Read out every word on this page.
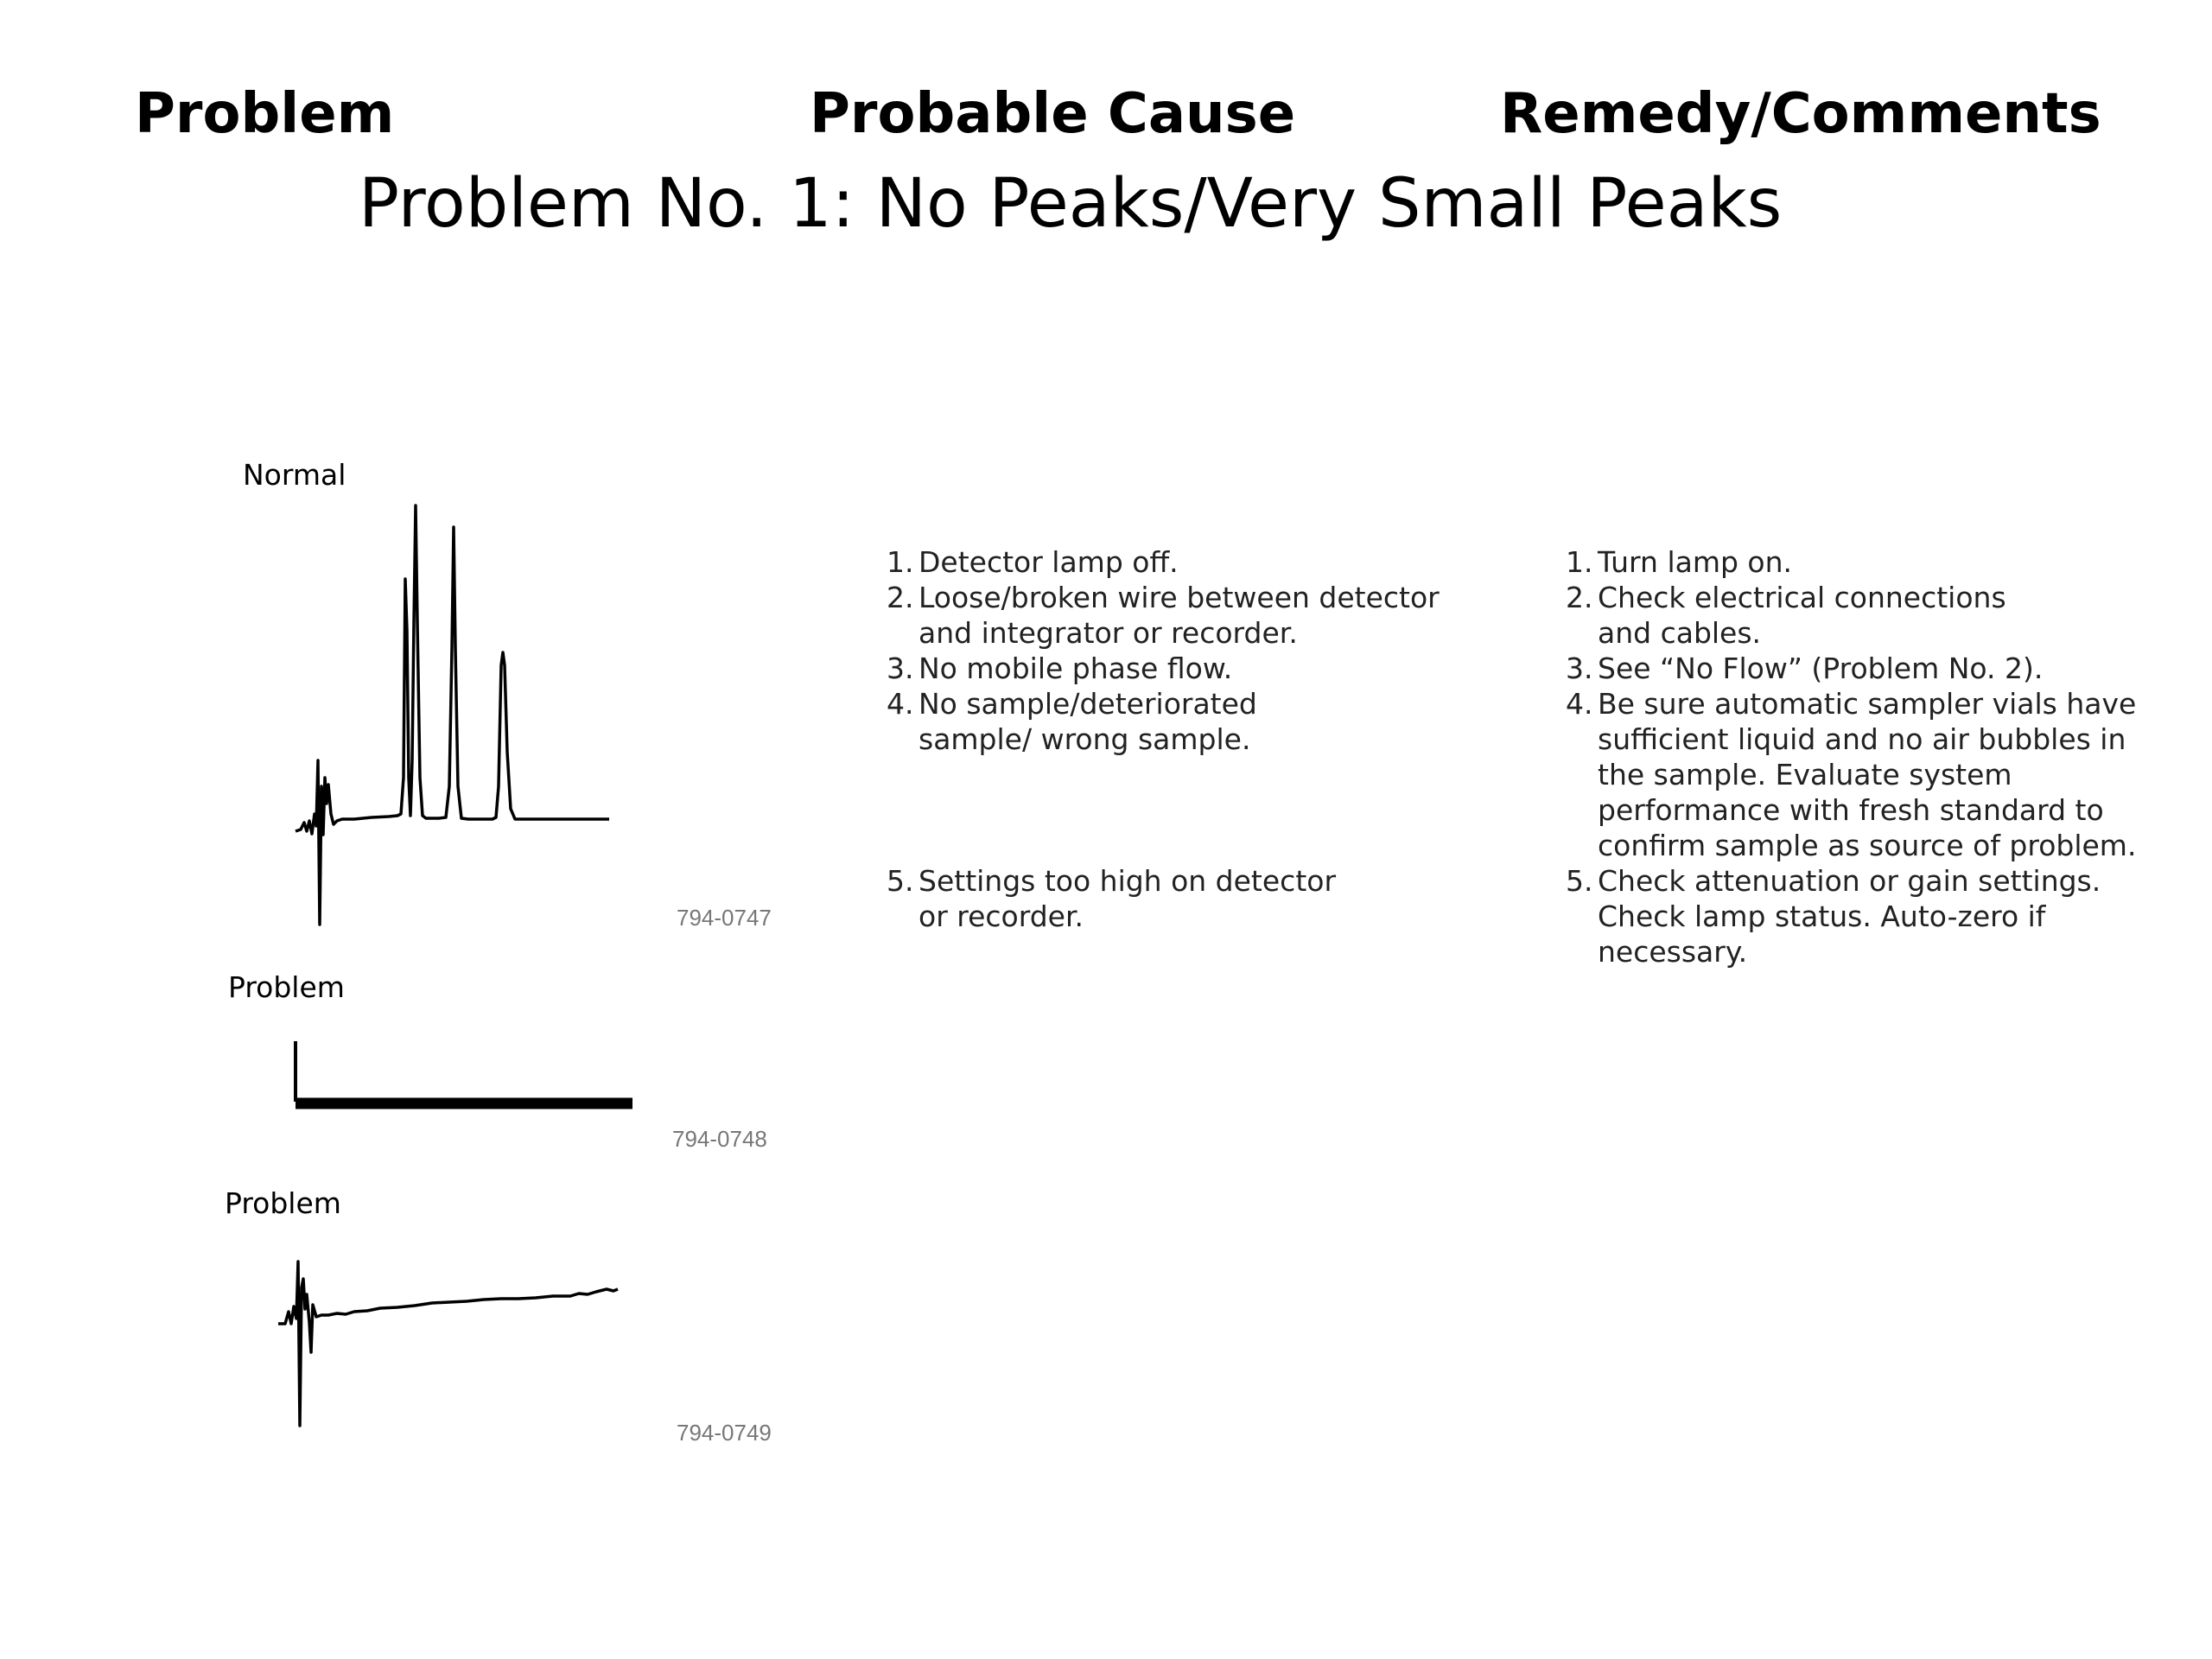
Problem	Probable Cause	Remedy/Comments
Problem No. 1: No Peaks/Very Small Peaks
Normal
794-0747
Problem
794-0748
Problem
794-0749
1. Detector lamp off.
2. Loose/broken wire between detector
and integrator or recorder.
3. No mobile phase flow.
4. No sample/deteriorated
sample/ wrong sample.
5. Settings too high on detector
or recorder.
1. Turn lamp on.
2. Check electrical connections
and cables.
3. See “No Flow” (Problem No. 2).
4. Be sure automatic sampler vials have
sufficient liquid and no air bubbles in
the sample. Evaluate system
performance with fresh standard to
confirm sample as source of problem.
5. Check attenuation or gain settings.
Check lamp status. Auto-zero if
necessary.
